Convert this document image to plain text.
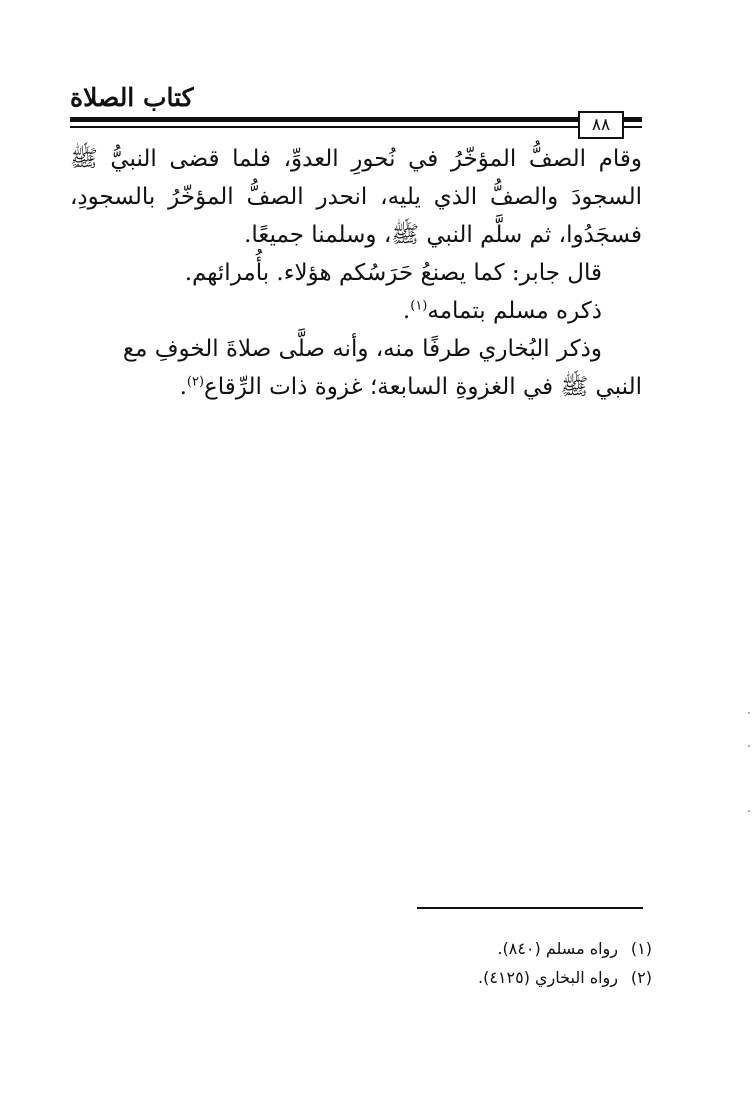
كتاب الصلاة
٨٨

وقام الصفُّ المؤخّرُ في نُحورِ العدوِّ، فلما قضى النبيُّ ﷺ السجودَ والصفُّ الذي يليه، انحدر الصفُّ المؤخّرُ بالسجودِ، فسجَدُوا، ثم سلَّم النبي ﷺ، وسلمنا جميعًا.

قال جابر: كما يصنعُ حَرَسُكم هؤلاء. بأُمرائهم.

ذكره مسلم بتمامه$^{(١)}$.

وذكر البُخاري طرفًا منه، وأنه صلَّى صلاةَ الخوفِ مع النبي ﷺ في الغزوةِ السابعة؛ غزوة ذات الرِّقاع$^{(٢)}$.

(١)رواه مسلم (٨٤٠).
(٢)رواه البخاري (٤١٢٥).
